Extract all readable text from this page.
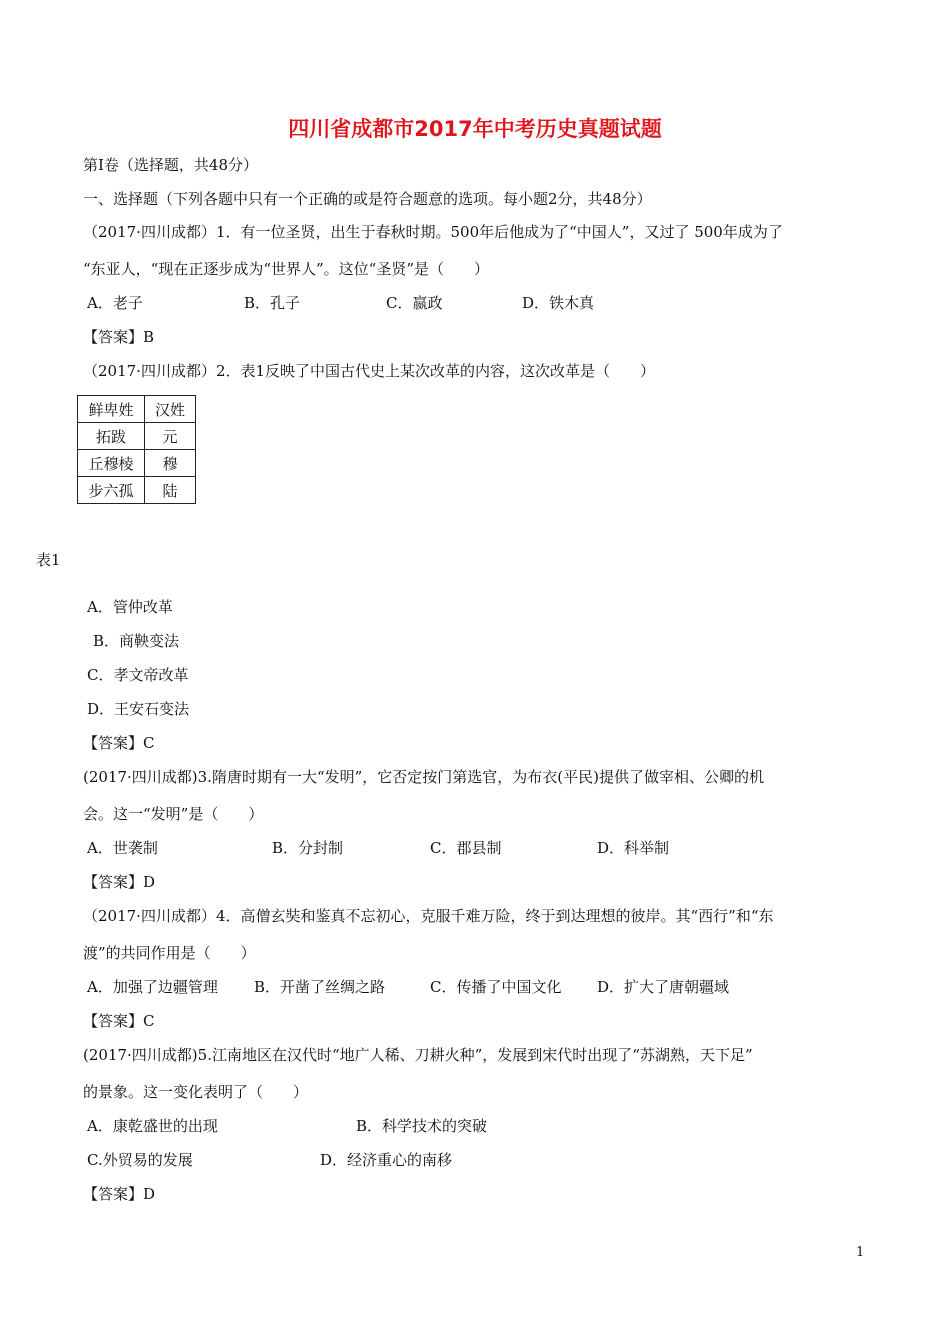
四川省成都市2017年中考历史真题试题
第I卷（选择题，共48分）
一、选择题（下列各题中只有一个正确的或是符合题意的选项。每小题2分，共48分）
（2017·四川成都）1．有一位圣贤，出生于春秋时期。500年后他成为了“中国人”，又过了 500年成为了
“东亚人，“现在正逐步成为“世界人”。这位“圣贤”是（　　）
A．老子	B．孔子	C．嬴政	D．铁木真
【答案】B
（2017·四川成都）2．表1反映了中国古代史上某次改革的内容，这次改革是（　　）
鲜卑姓	汉姓
拓跋	元
丘穆棱	穆
步六孤	陆
表1
A．管仲改革
B．商鞅变法
C．孝文帝改革
D．王安石变法
【答案】C
(2017·四川成都)3.隋唐时期有一大“发明”，它否定按门第选官，为布衣(平民)提供了做宰相、公卿的机
会。这一“发明”是（　　）
A．世袭制	B．分封制	C．郡县制	D．科举制
【答案】D
（2017·四川成都）4．高僧玄奘和鉴真不忘初心，克服千难万险，终于到达理想的彼岸。其“西行”和“东
渡”的共同作用是（　　）
A．加强了边疆管理 B．开凿了丝绸之路	C．传播了中国文化 D．扩大了唐朝疆域
【答案】C
(2017·四川成都)5.江南地区在汉代时“地广人稀、刀耕火种”，发展到宋代时出现了“苏湖熟，天下足”
的景象。这一变化表明了（　　）
A．康乾盛世的出现	B．科学技术的突破
C.外贸易的发展	D．经济重心的南移
【答案】D
1
